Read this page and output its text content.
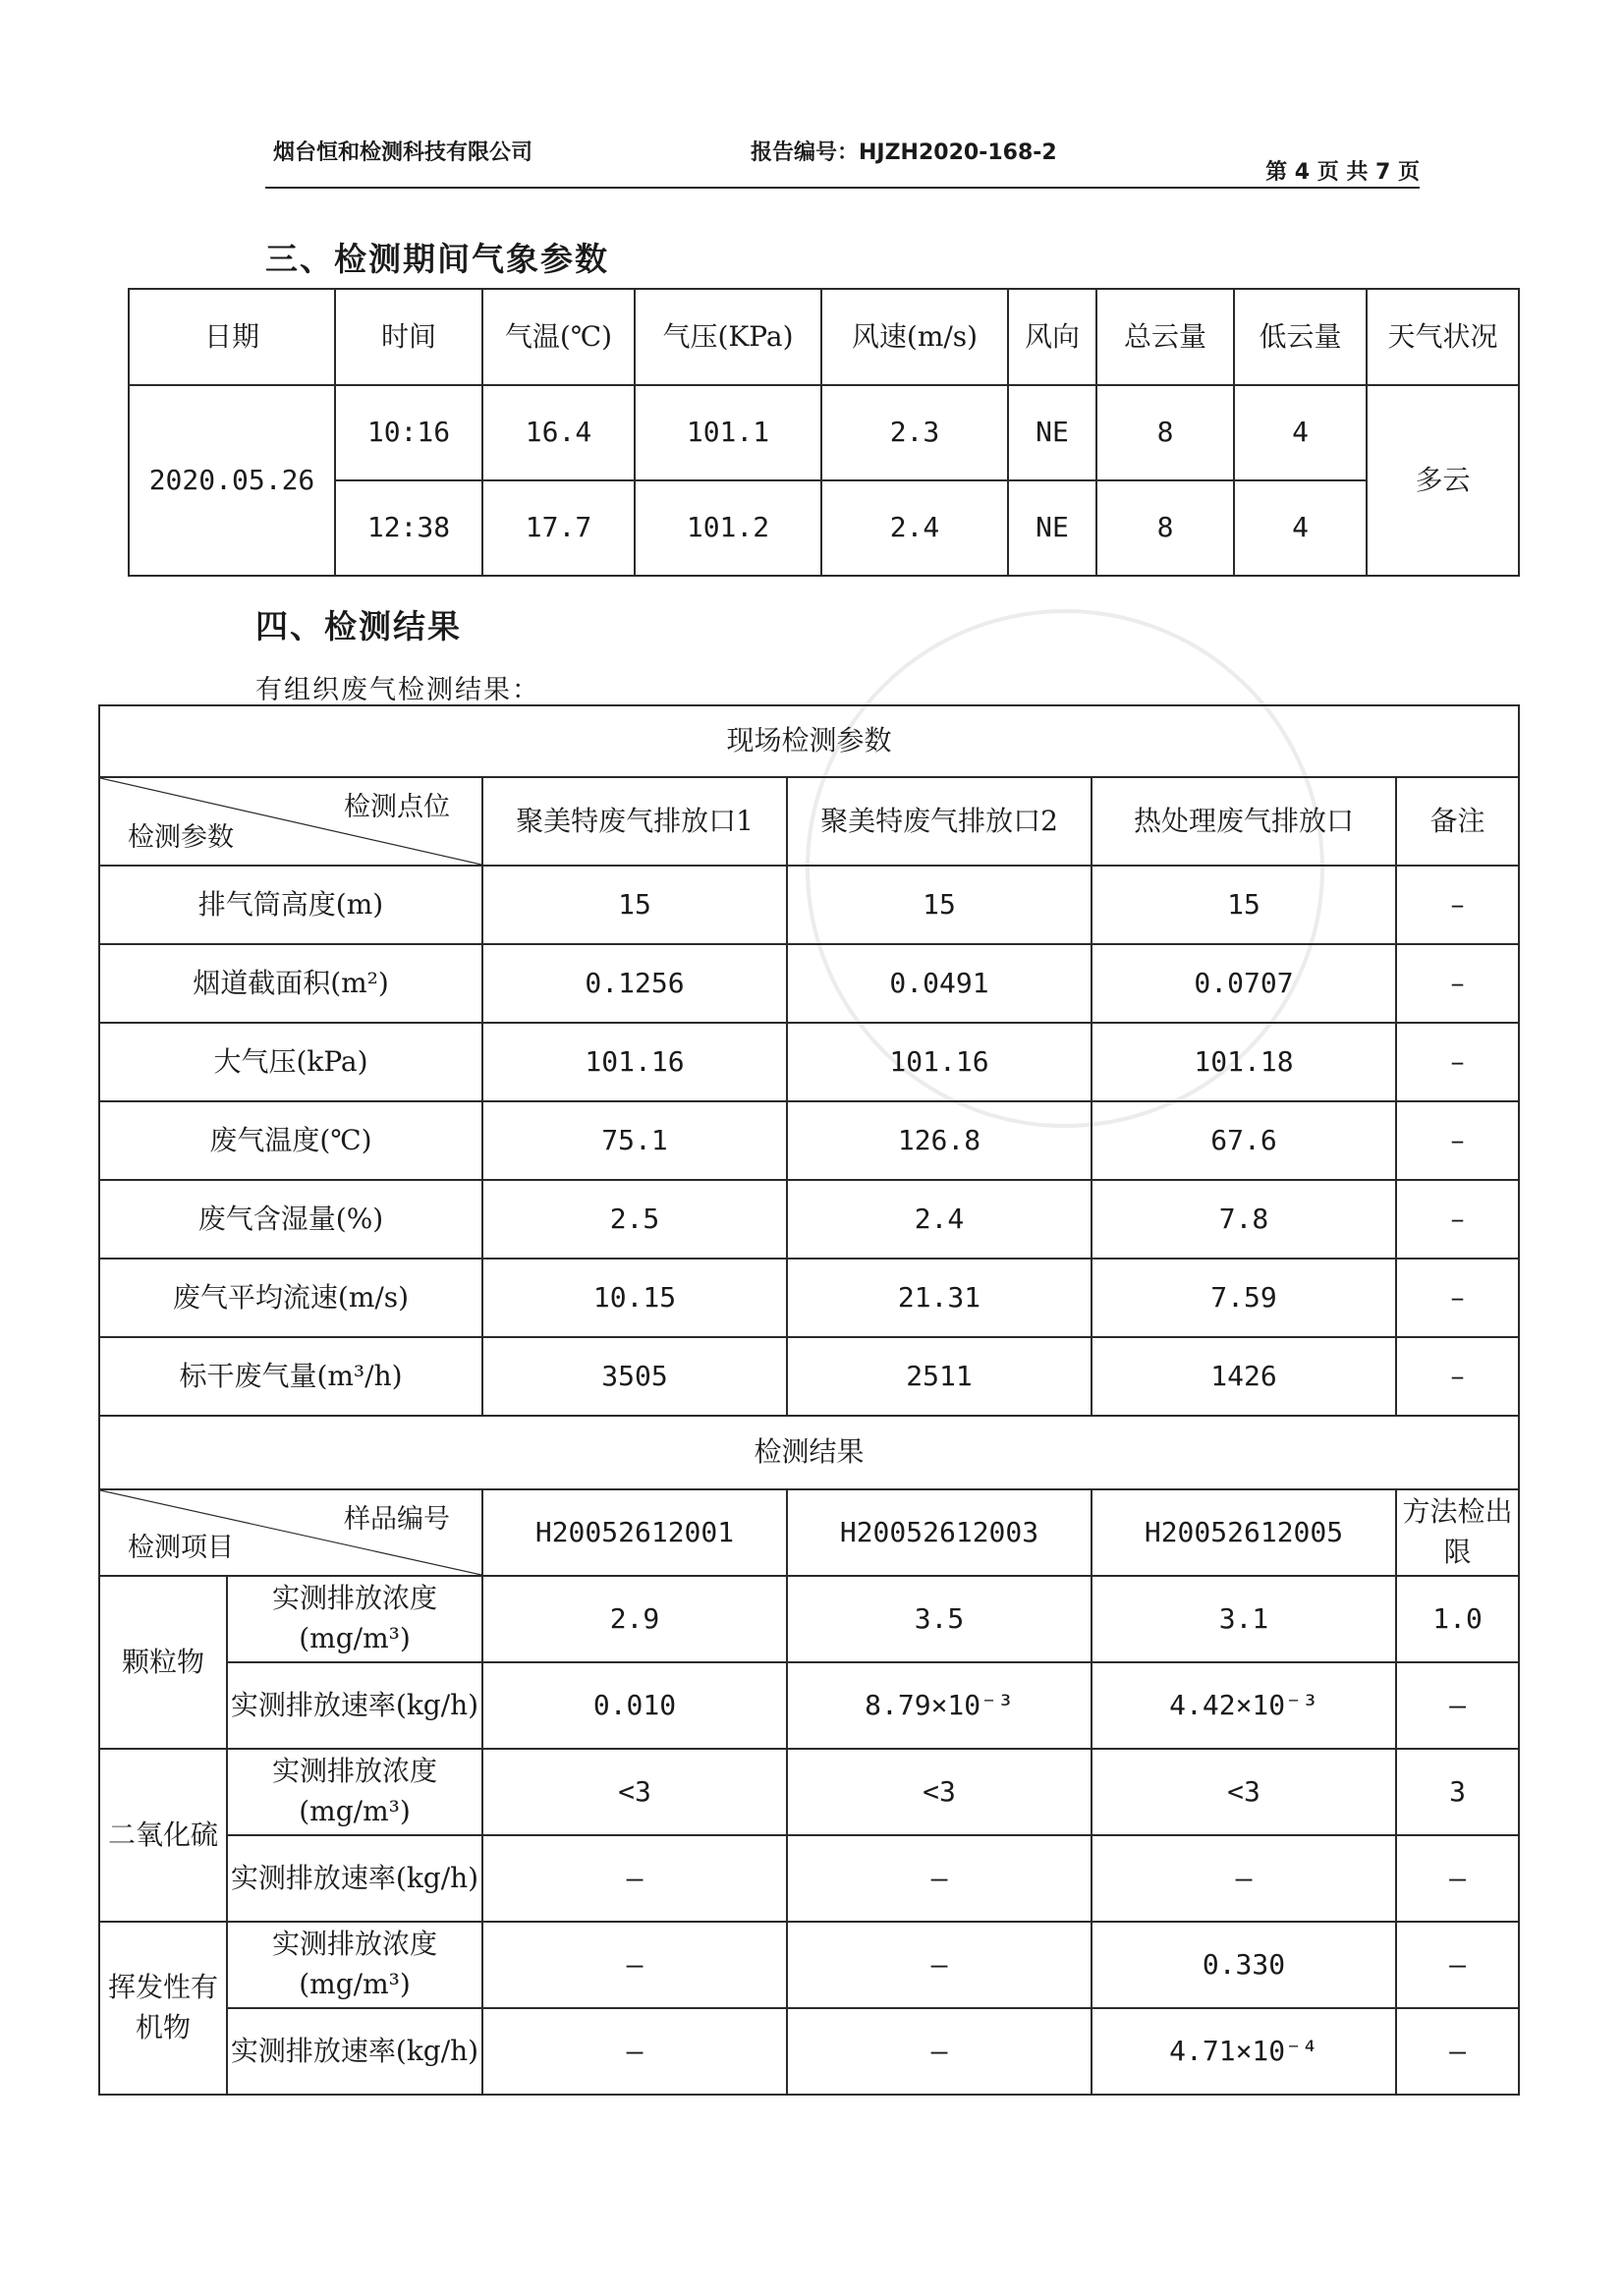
烟台恒和检测科技有限公司	报告编号：HJZH2020-168-2
第 4 页 共 7 页
三、检测期间气象参数
日期	时间	气温(℃)	气压(KPa)	风速(m/s)	风向	总云量	低云量	天气状况
2020.05.26	10:16	16.4	101.1	2.3	NE	8	4	多云
	12:38	17.7	101.2	2.4	NE	8	4	
四、检测结果
有组织废气检测结果：
现场检测参数					

检测点位
检测参数		聚美特废气排放口1	聚美特废气排放口2	热处理废气排放口	备注
排气筒高度(m)		15	15	15	–
烟道截面积(m²)		0.1256	0.0491	0.0707	–
大气压(kPa)		101.16	101.16	101.18	–
废气温度(℃)		75.1	126.8	67.6	–
废气含湿量(%)		2.5	2.4	7.8	–
废气平均流速(m/s)		10.15	21.31	7.59	–
标干废气量(m³/h)		3505	2511	1426	–
检测结果					

样品编号
检测项目		H20052612001	H20052612003	H20052612005	方法检出限
颗粒物	实测排放浓度(mg/m³)	2.9	3.5	3.1	1.0
	实测排放速率(kg/h)	0.010	8.79×10⁻³	4.42×10⁻³	–
二氧化硫	实测排放浓度(mg/m³)	<3	<3	<3	3
	实测排放速率(kg/h)	–	–	–	–
挥发性有机物	实测排放浓度(mg/m³)	–	–	0.330	–
	实测排放速率(kg/h)	–	–	4.71×10⁻⁴	–
